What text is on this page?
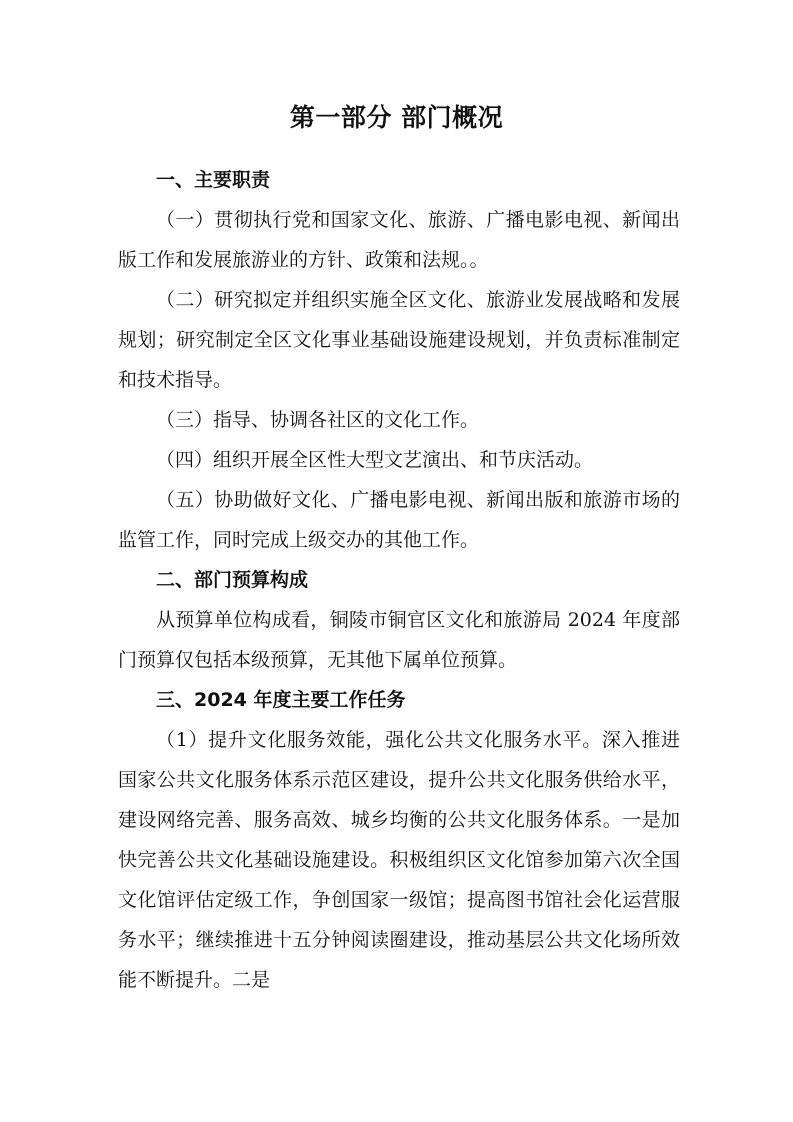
第一部分 部门概况

一、主要职责

（一）贯彻执行党和国家文化、旅游、广播电影电视、新闻出版工作和发展旅游业的方针、政策和法规。。

（二）研究拟定并组织实施全区文化、旅游业发展战略和发展规划；研究制定全区文化事业基础设施建设规划，并负责标准制定和技术指导。

（三）指导、协调各社区的文化工作。

（四）组织开展全区性大型文艺演出、和节庆活动。

（五）协助做好文化、广播电影电视、新闻出版和旅游市场的监管工作，同时完成上级交办的其他工作。

二、部门预算构成

从预算单位构成看，铜陵市铜官区文化和旅游局 2024 年度部门预算仅包括本级预算，无其他下属单位预算。

三、2024 年度主要工作任务

（1）提升文化服务效能，强化公共文化服务水平。深入推进国家公共文化服务体系示范区建设，提升公共文化服务供给水平，建设网络完善、服务高效、城乡均衡的公共文化服务体系。一是加快完善公共文化基础设施建设。积极组织区文化馆参加第六次全国文化馆评估定级工作，争创国家一级馆；提高图书馆社会化运营服务水平；继续推进十五分钟阅读圈建设，推动基层公共文化场所效能不断提升。二是
